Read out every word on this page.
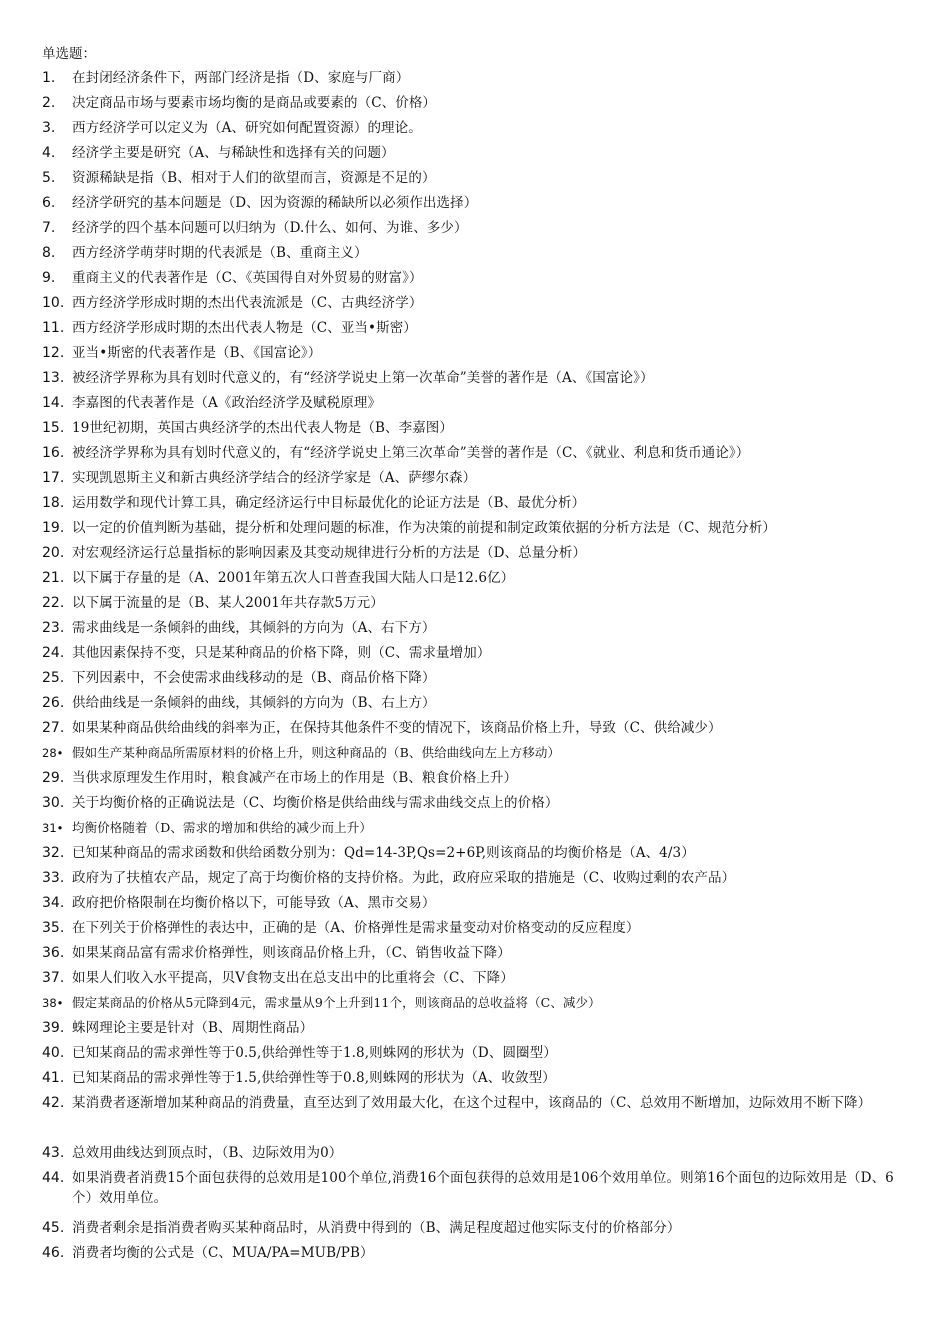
单选题：
1.	在封闭经济条件下，两部门经济是指（D、家庭与厂商）
2.	决定商品市场与要素市场均衡的是商品或要素的（C、价格）
3.	西方经济学可以定义为（A、研究如何配置资源）的理论。
4.	经济学主要是研究（A、与稀缺性和选择有关的问题）
5.	资源稀缺是指（B、相对于人们的欲望而言，资源是不足的）
6.	经济学研究的基本问题是（D、因为资源的稀缺所以必须作出选择）
7.	经济学的四个基本问题可以归纳为（D.什么、如何、为谁、多少）
8.	西方经济学萌芽时期的代表派是（B、重商主义）
9.	重商主义的代表著作是（C、《英国得自对外贸易的财富》）
10. 西方经济学形成时期的杰出代表流派是（C、古典经济学）
11. 西方经济学形成时期的杰出代表人物是（C、亚当•斯密）
12. 亚当•斯密的代表著作是（B、《国富论》）
13. 被经济学界称为具有划时代意义的，有“经济学说史上第一次革命”美誉的著作是（A、《国富论》）
14. 李嘉图的代表著作是（A《政治经济学及赋税原理》
15. 19世纪初期，英国古典经济学的杰出代表人物是（B、李嘉图）
16. 被经济学界称为具有划时代意义的，有“经济学说史上第三次革命”美誉的著作是（C、《就业、利息和货币通论》）
17. 实现凯恩斯主义和新古典经济学结合的经济学家是（A、萨缪尔森）
18. 运用数学和现代计算工具，确定经济运行中目标最优化的论证方法是（B、最优分析）
19. 以一定的价值判断为基础，提分析和处理问题的标准，作为决策的前提和制定政策依据的分析方法是（C、规范分析）
20. 对宏观经济运行总量指标的影响因素及其变动规律进行分析的方法是（D、总量分析）
21. 以下属于存量的是（A、2001年第五次人口普查我国大陆人口是12.6亿）
22. 以下属于流量的是（B、某人2001年共存款5万元）
23. 需求曲线是一条倾斜的曲线，其倾斜的方向为（A、右下方）
24. 其他因素保持不变，只是某种商品的价格下降，则（C、需求量增加）
25. 下列因素中，不会使需求曲线移动的是（B、商品价格下降）
26. 供给曲线是一条倾斜的曲线，其倾斜的方向为（B、右上方）
27. 如果某种商品供给曲线的斜率为正，在保持其他条件不变的情况下，该商品价格上升，导致（C、供给减少）
28• 假如生产某种商品所需原材料的价格上升，则这种商品的（B、供给曲线向左上方移动）
29. 当供求原理发生作用时，粮食减产在市场上的作用是（B、粮食价格上升）
30. 关于均衡价格的正确说法是（C、均衡价格是供给曲线与需求曲线交点上的价格）
31• 均衡价格随着（D、需求的增加和供给的减少而上升）
32. 已知某种商品的需求函数和供给函数分别为：Qd=14-3P,Qs=2+6P,则该商品的均衡价格是（A、4/3）
33. 政府为了扶植农产品，规定了高于均衡价格的支持价格。为此，政府应采取的措施是（C、收购过剩的农产品）
34. 政府把价格限制在均衡价格以下，可能导致（A、黑市交易）
35. 在下列关于价格弹性的表达中，正确的是（A、价格弹性是需求量变动对价格变动的反应程度）
36. 如果某商品富有需求价格弹性，则该商品价格上升，（C、销售收益下降）
37. 如果人们收入水平提高，贝V食物支出在总支出中的比重将会（C、下降）
38• 假定某商品的价格从5元降到4元，需求量从9个上升到11个，则该商品的总收益将（C、减少）
39. 蛛网理论主要是针对（B、周期性商品）
40. 已知某商品的需求弹性等于0.5,供给弹性等于1.8,则蛛网的形状为（D、圆圈型）
41. 已知某商品的需求弹性等于1.5,供给弹性等于0.8,则蛛网的形状为（A、收敛型）
42. 某消费者逐渐增加某种商品的消费量，直至达到了效用最大化，在这个过程中，该商品的（C、总效用不断增加，边际效用不断下降）
43. 总效用曲线达到顶点时，（B、边际效用为0）
44. 如果消费者消费15个面包获得的总效用是100个单位,消费16个面包获得的总效用是106个效用单位。则第16个面包的边际效用是（D、6个）效用单位。
45. 消费者剩余是指消费者购买某种商品时，从消费中得到的（B、满足程度超过他实际支付的价格部分）
46. 消费者均衡的公式是（C、MUA/PA=MUB/PB）
